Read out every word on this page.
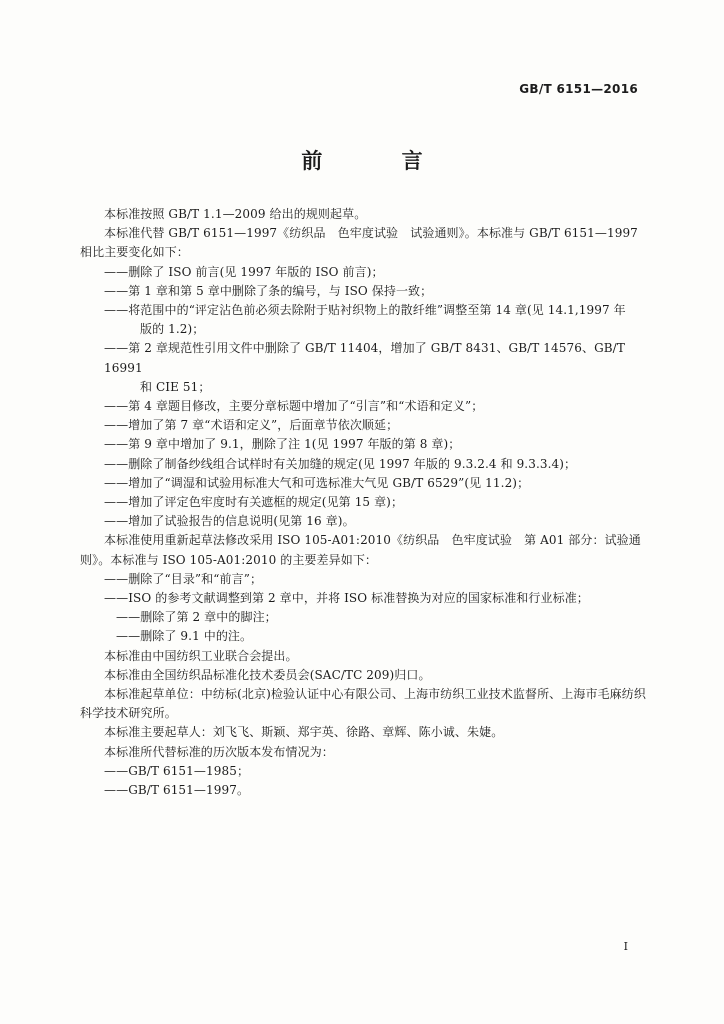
GB/T 6151—2016
前 言

本标准按照 GB/T 1.1—2009 给出的规则起草。

本标准代替 GB/T 6151—1997《纺织品　色牢度试验　试验通则》。本标准与 GB/T 6151—1997 相比主要变化如下：

——删除了 ISO 前言(见 1997 年版的 ISO 前言)；

——第 1 章和第 5 章中删除了条的编号，与 ISO 保持一致；

——将范围中的“评定沾色前必须去除附于贴衬织物上的散纤维”调整至第 14 章(见 14.1,1997 年
版的 1.2)；

——第 2 章规范性引用文件中删除了 GB/T 11404，增加了 GB/T 8431、GB/T 14576、GB/T 16991
和 CIE 51；

——第 4 章题目修改，主要分章标题中增加了“引言”和“术语和定义”；

——增加了第 7 章“术语和定义”，后面章节依次顺延；

——第 9 章中增加了 9.1，删除了注 1(见 1997 年版的第 8 章)；

——删除了制备纱线组合试样时有关加缝的规定(见 1997 年版的 9.3.2.4 和 9.3.3.4)；

——增加了“调湿和试验用标准大气和可选标准大气见 GB/T 6529”(见 11.2)；

——增加了评定色牢度时有关遮框的规定(见第 15 章)；

——增加了试验报告的信息说明(见第 16 章)。

本标准使用重新起草法修改采用 ISO 105-A01:2010《纺织品　色牢度试验　第 A01 部分：试验通则》。本标准与 ISO 105-A01:2010 的主要差异如下：

——删除了“目录”和“前言”；

——ISO 的参考文献调整到第 2 章中，并将 ISO 标准替换为对应的国家标准和行业标准；

——删除了第 2 章中的脚注；

——删除了 9.1 中的注。

本标准由中国纺织工业联合会提出。

本标准由全国纺织品标准化技术委员会(SAC/TC 209)归口。

本标准起草单位：中纺标(北京)检验认证中心有限公司、上海市纺织工业技术监督所、上海市毛麻纺织科学技术研究所。

本标准主要起草人：刘飞飞、斯颖、郑宇英、徐路、章辉、陈小诚、朱婕。

本标准所代替标准的历次版本发布情况为：

——GB/T 6151—1985；

——GB/T 6151—1997。

I
